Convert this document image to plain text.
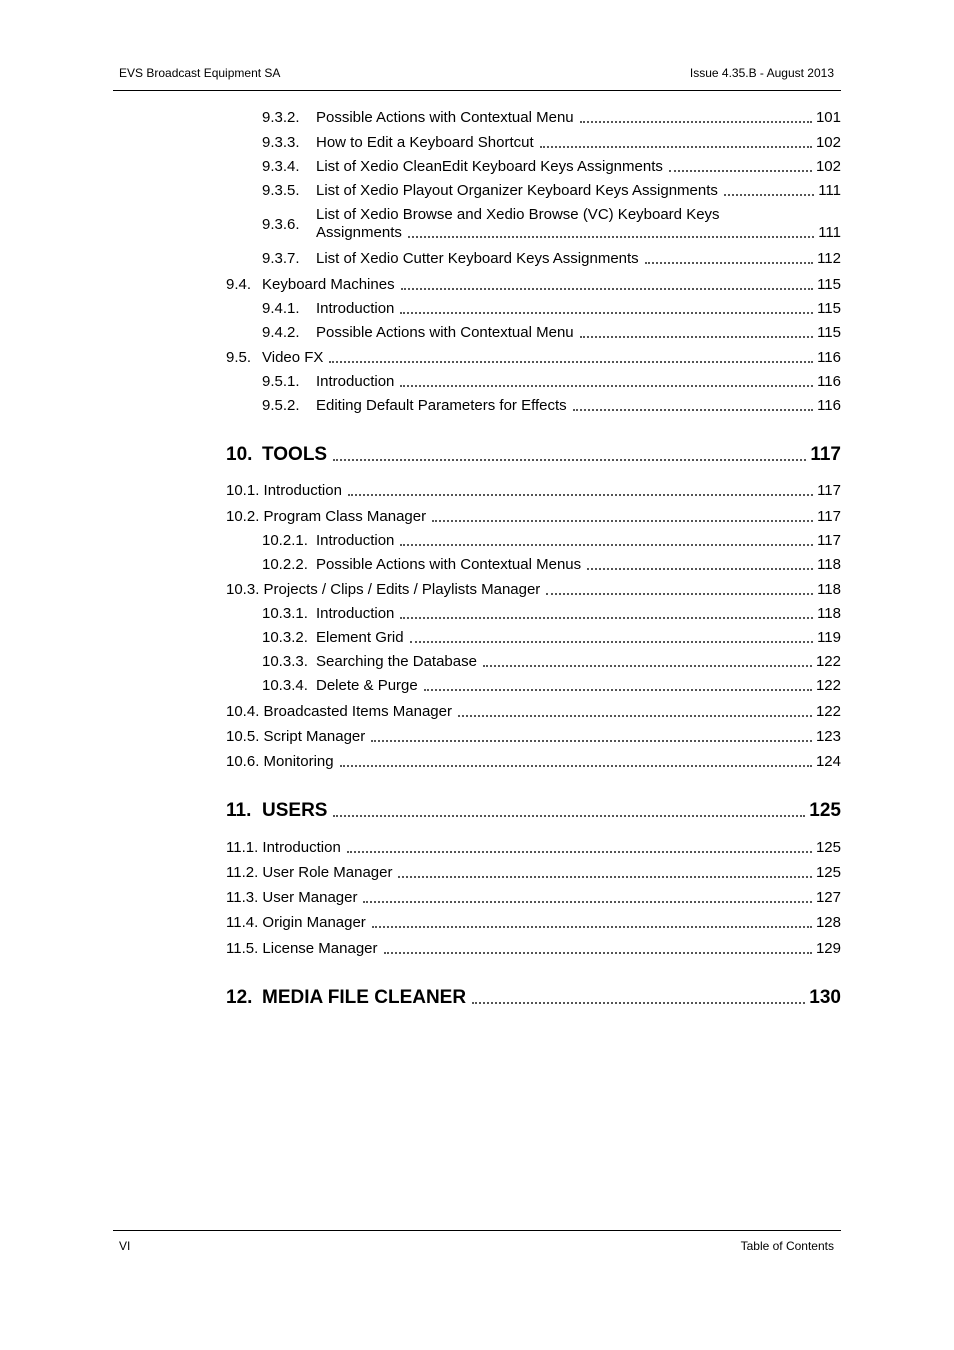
EVS Broadcast Equipment SA	Issue 4.35.B - August 2013
9.3.2. Possible Actions with Contextual Menu	101
9.3.3. How to Edit a Keyboard Shortcut	102
9.3.4. List of Xedio CleanEdit Keyboard Keys Assignments	102
9.3.5. List of Xedio Playout Organizer Keyboard Keys Assignments	111
9.3.6.
List of Xedio Browse and Xedio Browse (VC) Keyboard Keys
Assignments	111
9.3.7. List of Xedio Cutter Keyboard Keys Assignments	112
9.4. Keyboard Machines	115
9.4.1. Introduction	115
9.4.2. Possible Actions with Contextual Menu	115
9.5. Video FX	116
9.5.1. Introduction	116
9.5.2. Editing Default Parameters for Effects	116
10. TOOLS	117
10.1. Introduction	117
10.2. Program Class Manager	117
10.2.1. Introduction	117
10.2.2. Possible Actions with Contextual Menus	118
10.3. Projects / Clips / Edits / Playlists Manager	118
10.3.1. Introduction	118
10.3.2. Element Grid	119
10.3.3. Searching the Database	122
10.3.4. Delete & Purge	122
10.4. Broadcasted Items Manager	122
10.5. Script Manager	123
10.6. Monitoring	124
11. USERS	125
11.1. Introduction	125
11.2. User Role Manager	125
11.3. User Manager	127
11.4. Origin Manager	128
11.5. License Manager	129
12. MEDIA FILE CLEANER	130
VI	Table of Contents
